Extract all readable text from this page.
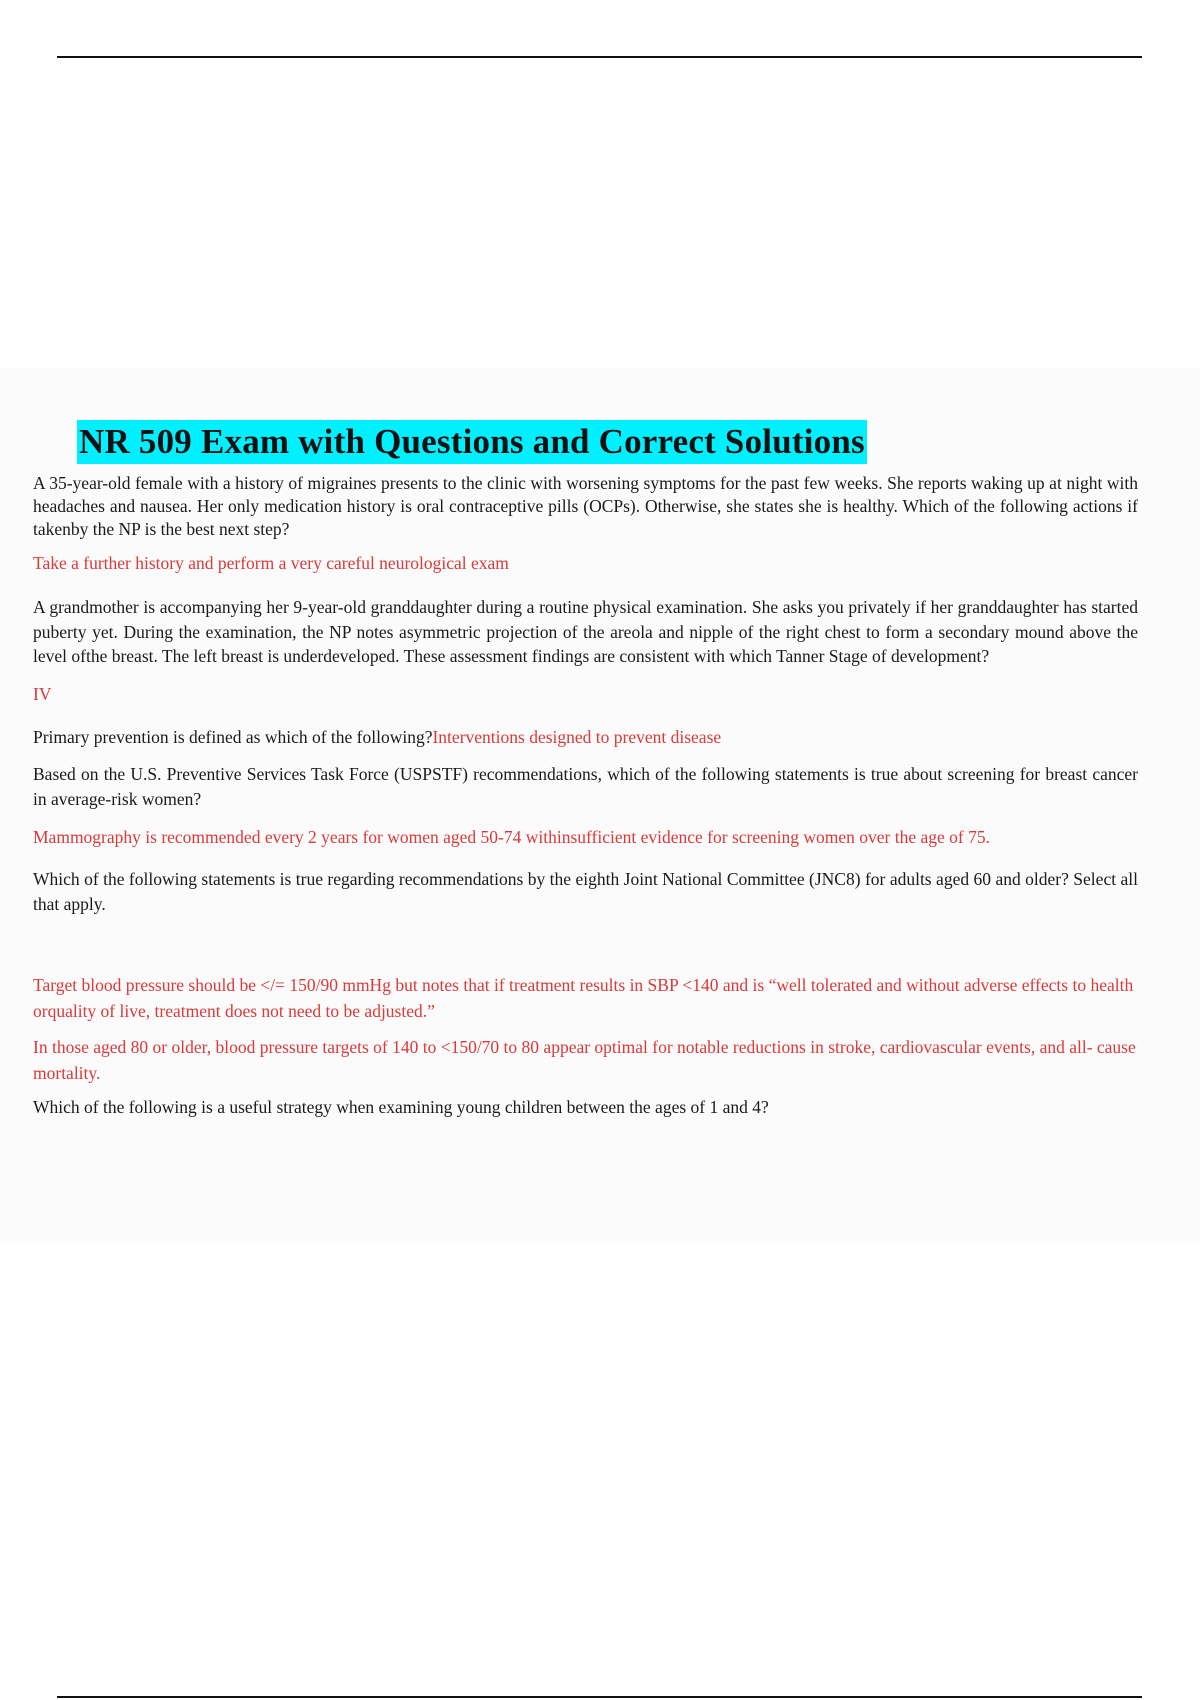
NR 509 Exam with Questions and Correct Solutions

A 35-year-old female with a history of migraines presents to the clinic with worsening symptoms for the past few weeks. She reports waking up at night with headaches and nausea. Her only medication history is oral contraceptive pills (OCPs). Otherwise, she states she is healthy. Which of the following actions if takenby the NP is the best next step?

Take a further history and perform a very careful neurological exam

A grandmother is accompanying her 9-year-old granddaughter during a routine physical examination. She asks you privately if her granddaughter has started puberty yet. During the examination, the NP notes asymmetric projection of the areola and nipple of the right chest to form a secondary mound above the level ofthe breast. The left breast is underdeveloped. These assessment findings are consistent with which Tanner Stage of development?

IV

Primary prevention is defined as which of the following?Interventions designed to prevent disease

Based on the U.S. Preventive Services Task Force (USPSTF) recommendations, which of the following statements is true about screening for breast cancer in average-risk women?

Mammography is recommended every 2 years for women aged 50-74 withinsufficient evidence for screening women over the age of 75.

Which of the following statements is true regarding recommendations by the eighth Joint National Committee (JNC8) for adults aged 60 and older? Select all that apply.

Target blood pressure should be </= 150/90 mmHg but notes that if treatment results in SBP <140 and is “well tolerated and without adverse effects to health orquality of live, treatment does not need to be adjusted.”

In those aged 80 or older, blood pressure targets of 140 to <150/70 to 80 appear optimal for notable reductions in stroke, cardiovascular events, and all- cause mortality.

Which of the following is a useful strategy when examining young children between the ages of 1 and 4?
